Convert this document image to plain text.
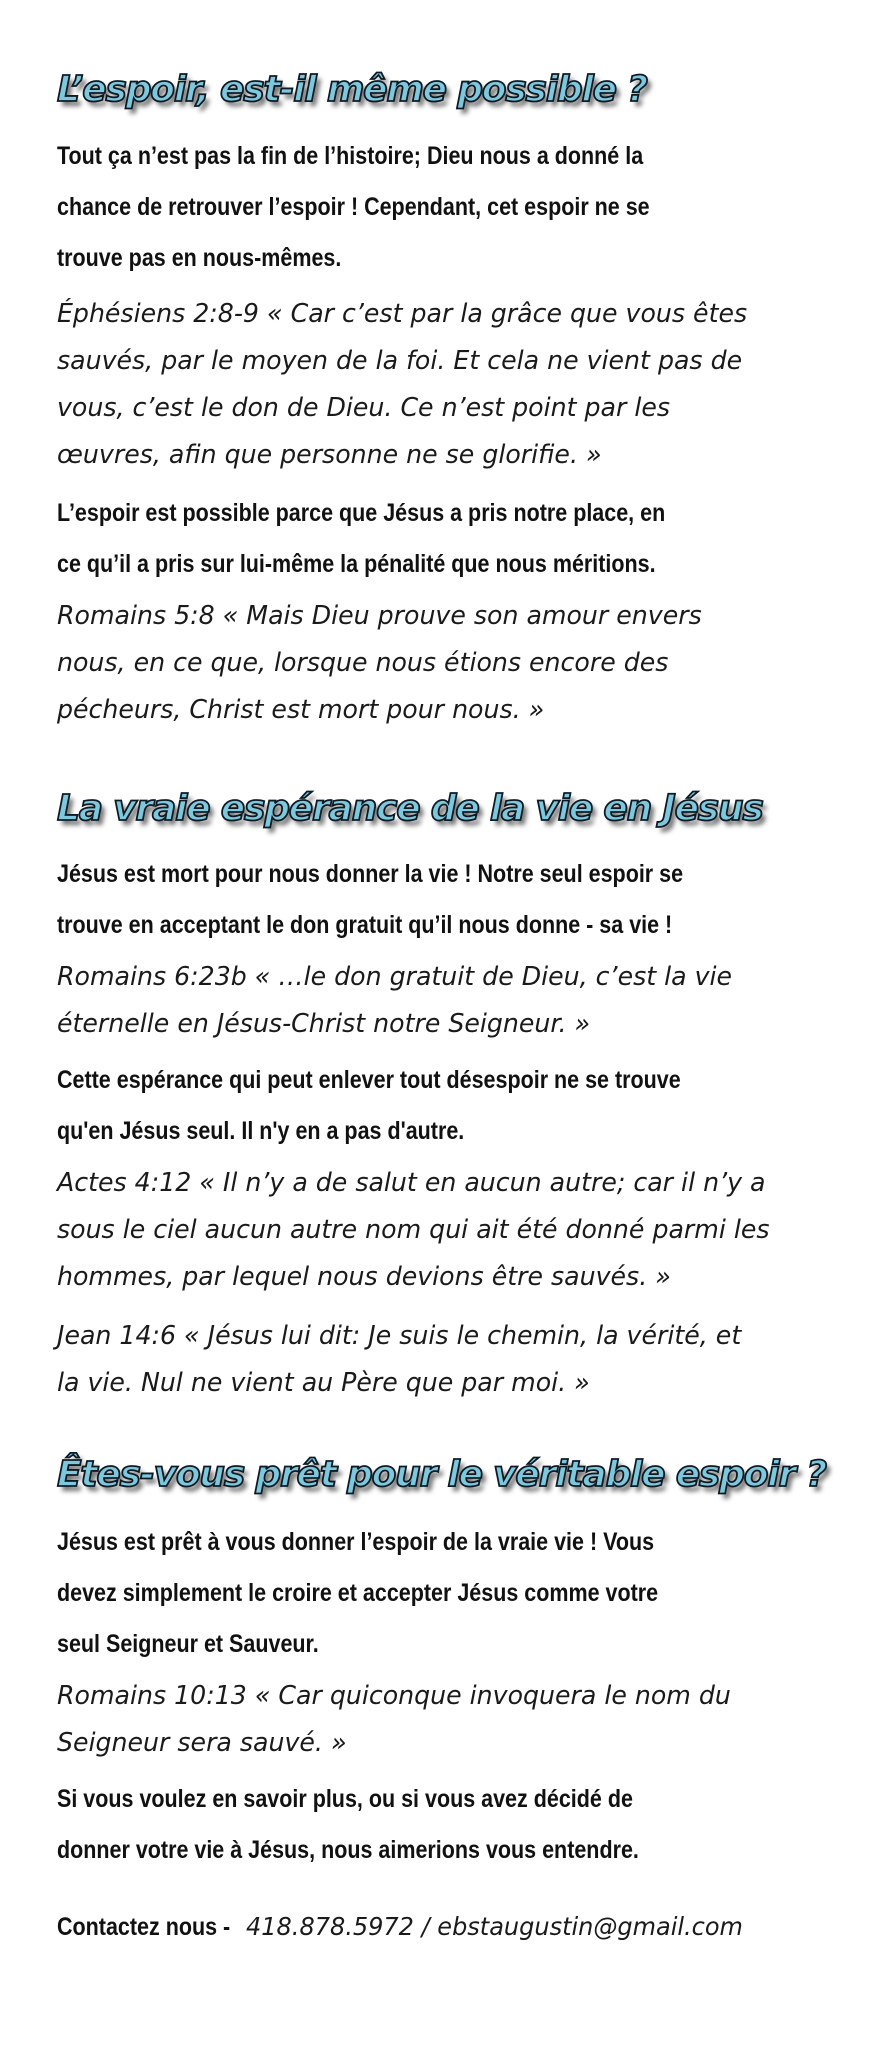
L’espoir, est-il même possible ?

Tout ça n’est pas la fin de l’histoire; Dieu nous a donné la
chance de retrouver l’espoir ! Cependant, cet espoir ne se
trouve pas en nous-mêmes.

Éphésiens 2:8-9 « Car c’est par la grâce que vous êtes
sauvés, par le moyen de la foi. Et cela ne vient pas de
vous, c’est le don de Dieu. Ce n’est point par les
œuvres, afin que personne ne se glorifie. »

L’espoir est possible parce que Jésus a pris notre place, en
ce qu’il a pris sur lui-même la pénalité que nous méritions.

Romains 5:8 « Mais Dieu prouve son amour envers
nous, en ce que, lorsque nous étions encore des
pécheurs, Christ est mort pour nous. »

La vraie espérance de la vie en Jésus

Jésus est mort pour nous donner la vie ! Notre seul espoir se
trouve en acceptant le don gratuit qu’il nous donne - sa vie !

Romains 6:23b « …le don gratuit de Dieu, c’est la vie
éternelle en Jésus-Christ notre Seigneur. »

Cette espérance qui peut enlever tout désespoir ne se trouve
qu'en Jésus seul. Il n'y en a pas d'autre.

Actes 4:12 « Il n’y a de salut en aucun autre; car il n’y a
sous le ciel aucun autre nom qui ait été donné parmi les
hommes, par lequel nous devions être sauvés. »

Jean 14:6 « Jésus lui dit: Je suis le chemin, la vérité, et
la vie. Nul ne vient au Père que par moi. »

Êtes-vous prêt pour le véritable espoir ?

Jésus est prêt à vous donner l’espoir de la vraie vie ! Vous
devez simplement le croire et accepter Jésus comme votre
seul Seigneur et Sauveur.

Romains 10:13 « Car quiconque invoquera le nom du
Seigneur sera sauvé. »

Si vous voulez en savoir plus, ou si vous avez décidé de
donner votre vie à Jésus, nous aimerions vous entendre.

Contactez nous - 418.878.5972 / ebstaugustin@gmail.com
